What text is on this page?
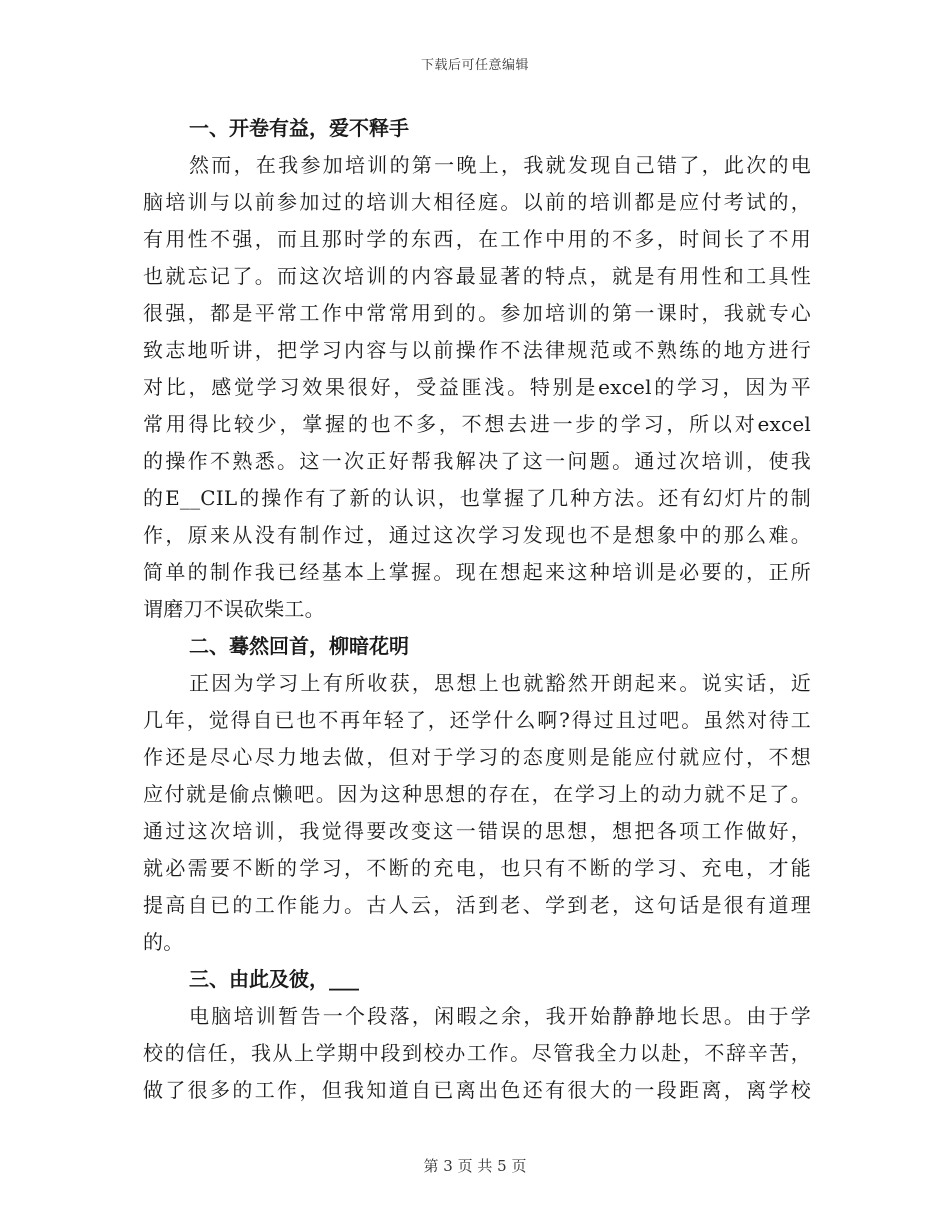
下载后可任意编辑
一、开卷有益，爱不释手
然而，在我参加培训的第一晚上，我就发现自己错了，此次的电
脑培训与以前参加过的培训大相径庭。以前的培训都是应付考试的，
有用性不强，而且那时学的东西，在工作中用的不多，时间长了不用
也就忘记了。而这次培训的内容最显著的特点，就是有用性和工具性
很强，都是平常工作中常常用到的。参加培训的第一课时，我就专心
致志地听讲，把学习内容与以前操作不法律规范或不熟练的地方进行
对比，感觉学习效果很好，受益匪浅。特别是excel的学习，因为平
常用得比较少，掌握的也不多，不想去进一步的学习，所以对excel
的操作不熟悉。这一次正好帮我解决了这一问题。通过次培训，使我
的E__CIL的操作有了新的认识，也掌握了几种方法。还有幻灯片的制
作，原来从没有制作过，通过这次学习发现也不是想象中的那么难。
简单的制作我已经基本上掌握。现在想起来这种培训是必要的，正所
谓磨刀不误砍柴工。
二、蓦然回首，柳暗花明
正因为学习上有所收获，思想上也就豁然开朗起来。说实话，近
几年，觉得自已也不再年轻了，还学什么啊?得过且过吧。虽然对待工
作还是尽心尽力地去做，但对于学习的态度则是能应付就应付，不想
应付就是偷点懒吧。因为这种思想的存在，在学习上的动力就不足了。
通过这次培训，我觉得要改变这一错误的思想，想把各项工作做好，
就必需要不断的学习，不断的充电，也只有不断的学习、充电，才能
提高自已的工作能力。古人云，活到老、学到老，这句话是很有道理
的。
三、由此及彼，___
电脑培训暂告一个段落，闲暇之余，我开始静静地长思。由于学
校的信任，我从上学期中段到校办工作。尽管我全力以赴，不辞辛苦，
做了很多的工作，但我知道自已离出色还有很大的一段距离，离学校
第 3 页 共 5 页
